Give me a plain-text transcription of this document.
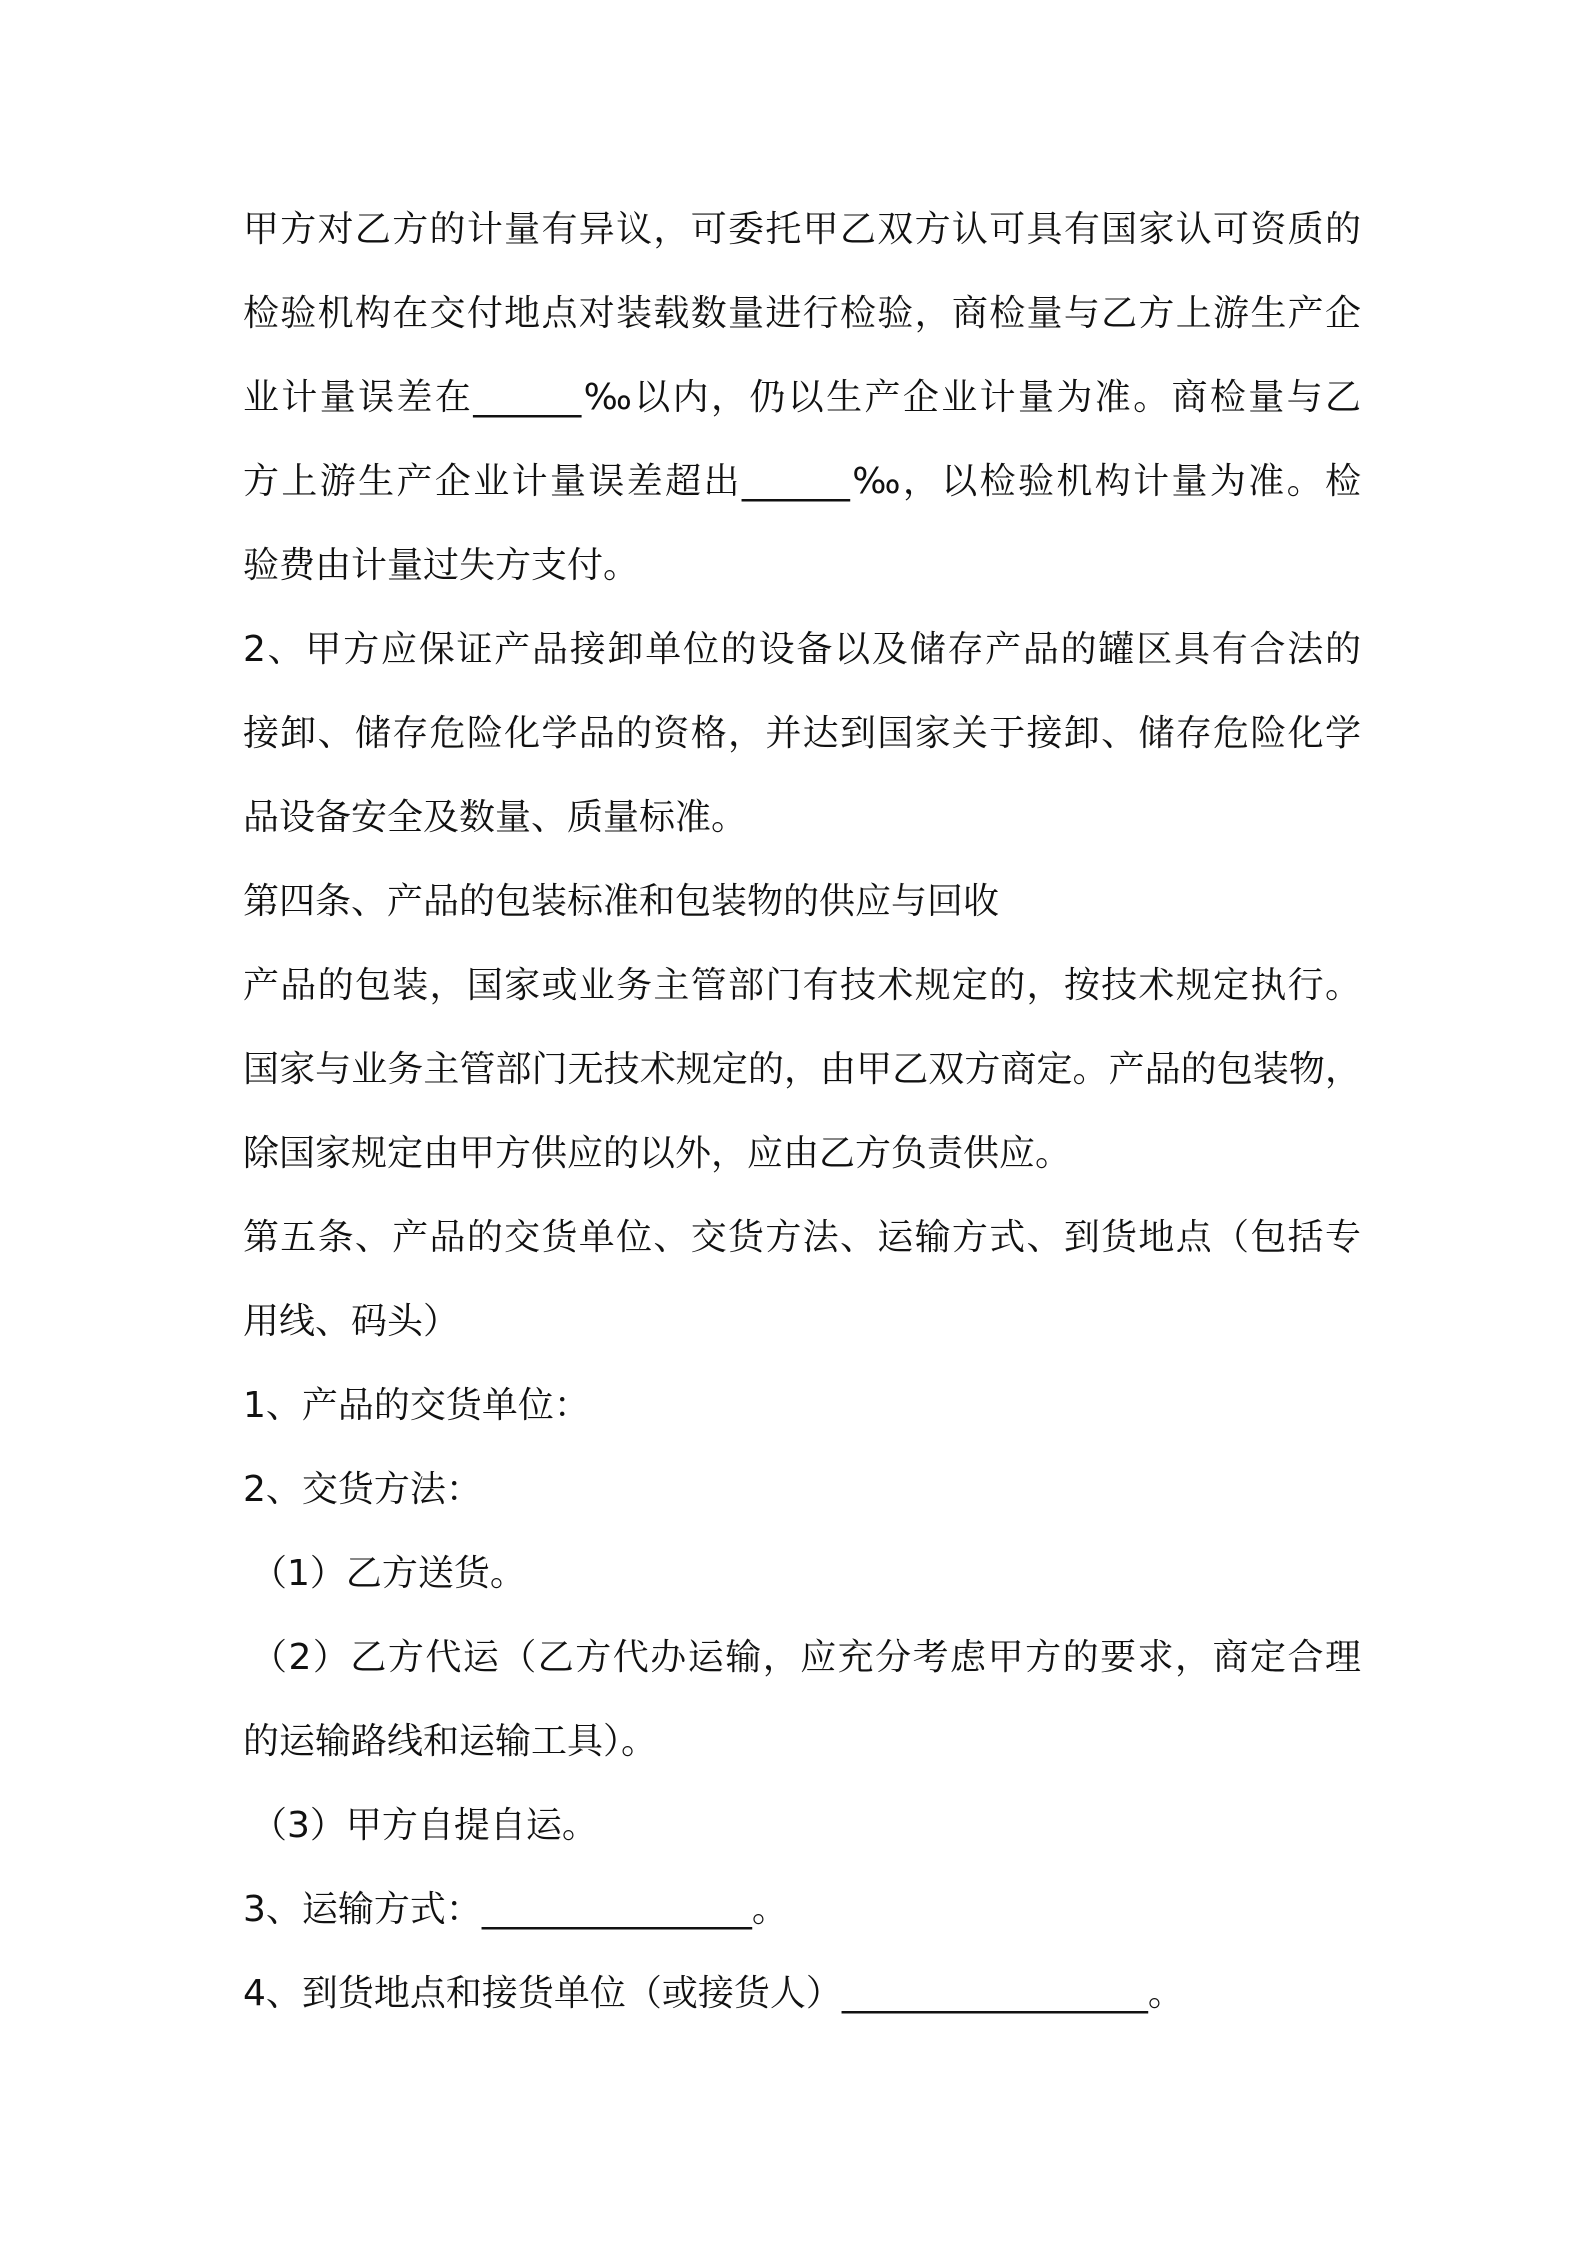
甲方对乙方的计量有异议，可委托甲乙双方认可具有国家认可资质的
检验机构在交付地点对装载数量进行检验，商检量与乙方上游生产企
业计量误差在______‰以内，仍以生产企业计量为准。商检量与乙
方上游生产企业计量误差超出______‰，以检验机构计量为准。检
验费由计量过失方支付。
2、甲方应保证产品接卸单位的设备以及储存产品的罐区具有合法的
接卸、储存危险化学品的资格，并达到国家关于接卸、储存危险化学
品设备安全及数量、质量标准。
第四条、产品的包装标准和包装物的供应与回收
产品的包装，国家或业务主管部门有技术规定的，按技术规定执行。
国家与业务主管部门无技术规定的，由甲乙双方商定。产品的包装物，
除国家规定由甲方供应的以外，应由乙方负责供应。
第五条、产品的交货单位、交货方法、运输方式、到货地点（包括专
用线、码头）
1、产品的交货单位：
2、交货方法：
（1）乙方送货。
（2）乙方代运（乙方代办运输，应充分考虑甲方的要求，商定合理
的运输路线和运输工具）。
（3）甲方自提自运。
3、运输方式：_______________。
4、到货地点和接货单位（或接货人）_________________。
